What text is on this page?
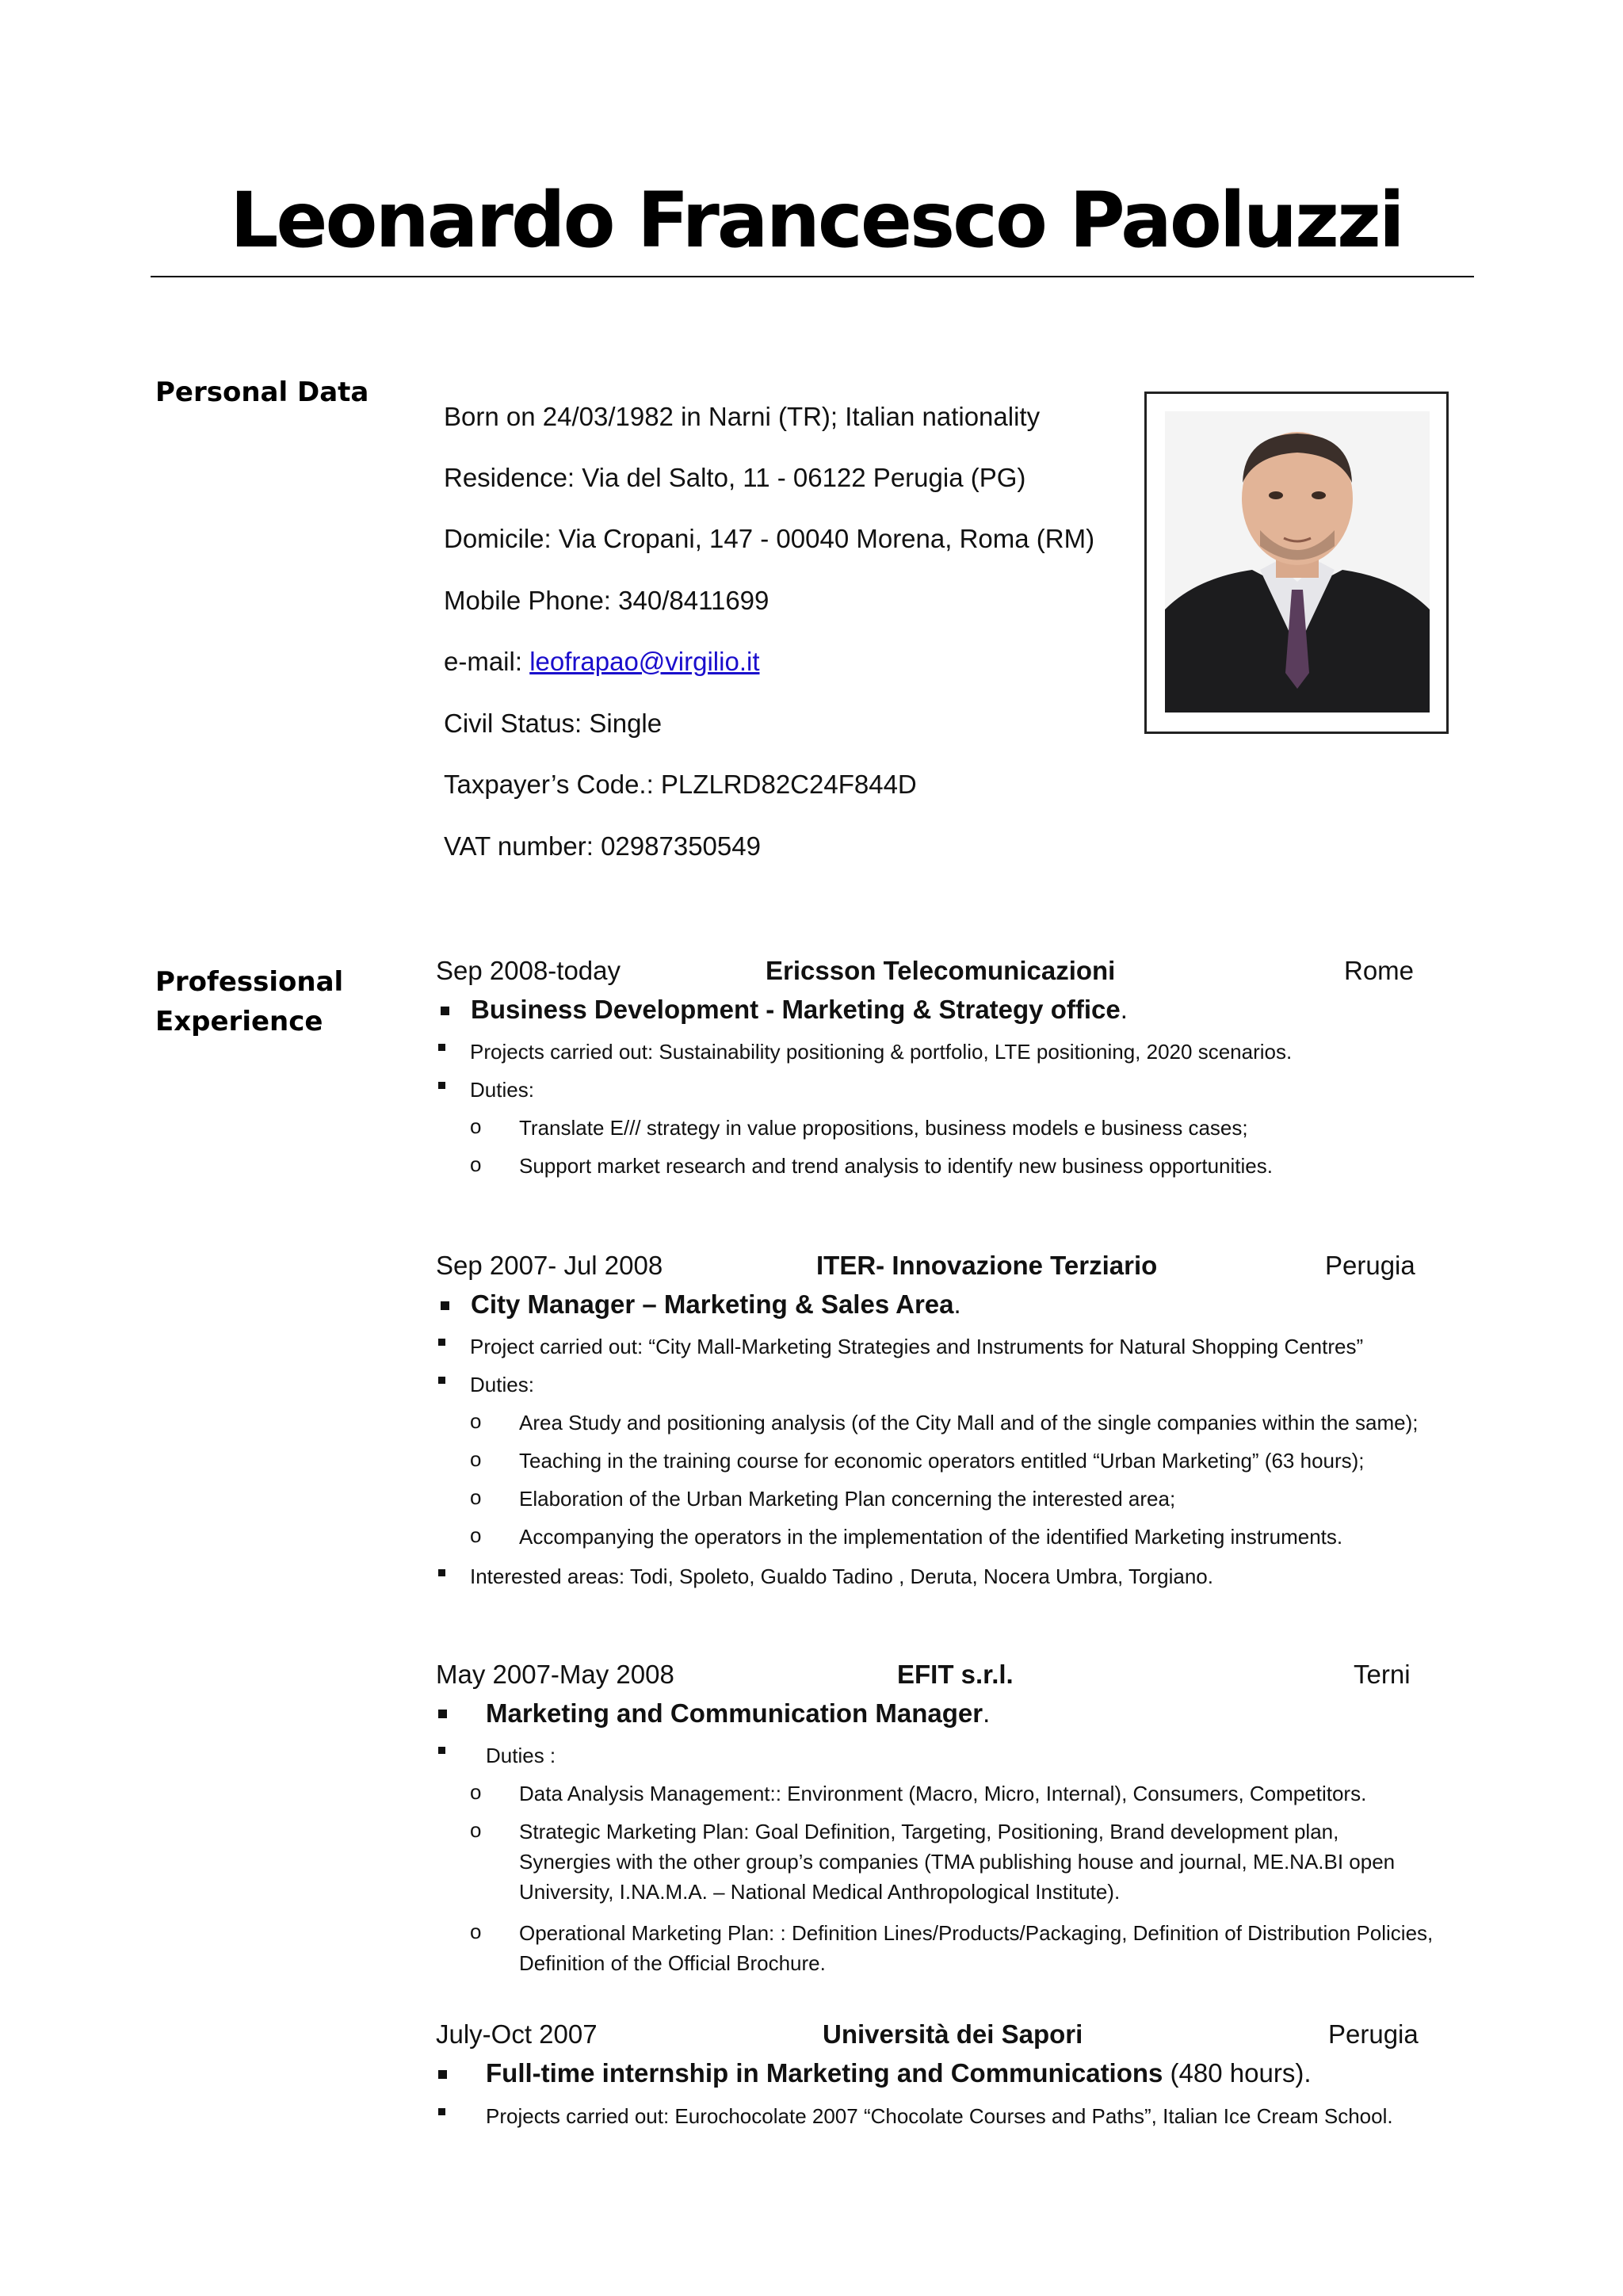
Leonardo Francesco Paoluzzi
Personal Data
Born on 24/03/1982 in Narni (TR); Italian nationality
Residence: Via del Salto, 11 - 06122 Perugia (PG)
Domicile: Via Cropani, 147 - 00040 Morena, Roma (RM)
Mobile Phone: 340/8411699
e-mail: leofrapao@virgilio.it
Civil Status: Single
Taxpayer’s Code.: PLZLRD82C24F844D
VAT number: 02987350549
Professional
Experience
Sep 2008-today	Ericsson Telecomunicazioni	Rome
Business Development - Marketing & Strategy office.
Projects carried out: Sustainability positioning & portfolio, LTE positioning, 2020 scenarios.
Duties:
o Translate E/// strategy in value propositions, business models e business cases;
o Support market research and trend analysis to identify new business opportunities.
Sep 2007- Jul 2008	ITER- Innovazione Terziario	Perugia
City Manager – Marketing & Sales Area.
Project carried out: “City Mall-Marketing Strategies and Instruments for Natural Shopping Centres”
Duties:
o Area Study and positioning analysis (of the City Mall and of the single companies within the same);
o Teaching in the training course for economic operators entitled “Urban Marketing” (63 hours);
o Elaboration of the Urban Marketing Plan concerning the interested area;
o Accompanying the operators in the implementation of the identified Marketing instruments.
Interested areas: Todi, Spoleto, Gualdo Tadino , Deruta, Nocera Umbra, Torgiano.
May 2007-May 2008	EFIT s.r.l.	Terni
Marketing and Communication Manager.
Duties :
o Data Analysis Management:: Environment (Macro, Micro, Internal), Consumers, Competitors.
o Strategic Marketing Plan: Goal Definition, Targeting, Positioning, Brand development plan,
Synergies with the other group’s companies (TMA publishing house and journal, ME.NA.BI open
University, I.NA.M.A. – National Medical Anthropological Institute).
o Operational Marketing Plan: : Definition Lines/Products/Packaging, Definition of Distribution Policies,
Definition of the Official Brochure.
July-Oct 2007	Università dei Sapori	Perugia
Full-time internship in Marketing and Communications (480 hours).
Projects carried out: Eurochocolate 2007 “Chocolate Courses and Paths”, Italian Ice Cream School.
